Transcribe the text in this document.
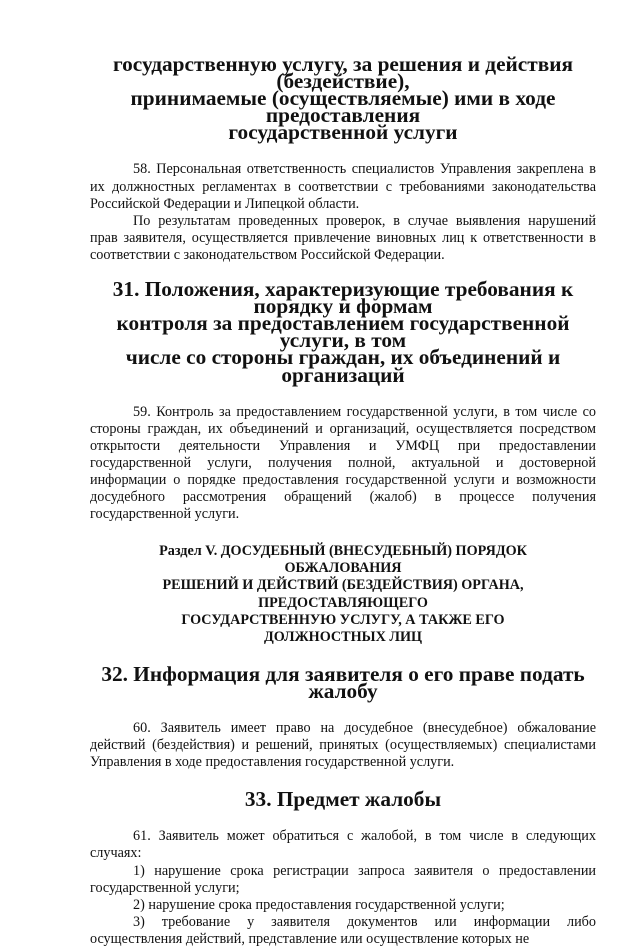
государственную услугу, за решения и действия (бездействие),
принимаемые (осуществляемые) ими в ходе предоставления
государственной услуги

58. Персональная ответственность специалистов Управления закреплена в их должностных регламентах в соответствии с требованиями законодательства Российской Федерации и Липецкой области.

По результатам проведенных проверок, в случае выявления нарушений прав заявителя, осуществляется привлечение виновных лиц к ответственности в соответствии с законодательством Российской Федерации.

31. Положения, характеризующие требования к порядку и формам
контроля за предоставлением государственной услуги, в том
числе со стороны граждан, их объединений и организаций

59. Контроль за предоставлением государственной услуги, в том числе со стороны граждан, их объединений и организаций, осуществляется посредством открытости деятельности Управления и УМФЦ при предоставлении государственной услуги, получения полной, актуальной и достоверной информации о порядке предоставления государственной услуги и возможности досудебного рассмотрения обращений (жалоб) в процессе получения государственной услуги.

Раздел V. ДОСУДЕБНЫЙ (ВНЕСУДЕБНЫЙ) ПОРЯДОК
ОБЖАЛОВАНИЯ
РЕШЕНИЙ И ДЕЙСТВИЙ (БЕЗДЕЙСТВИЯ) ОРГАНА,
ПРЕДОСТАВЛЯЮЩЕГО
ГОСУДАРСТВЕННУЮ УСЛУГУ, А ТАКЖЕ ЕГО
ДОЛЖНОСТНЫХ ЛИЦ
32. Информация для заявителя о его праве подать жалобу

60. Заявитель имеет право на досудебное (внесудебное) обжалование действий (бездействия) и решений, принятых (осуществляемых) специалистами Управления в ходе предоставления государственной услуги.

33. Предмет жалобы

61. Заявитель может обратиться с жалобой, в том числе в следующих случаях:

1) нарушение срока регистрации запроса заявителя о предоставлении государственной услуги;

2) нарушение срока предоставления государственной услуги;

3) требование у заявителя документов или информации либо осуществления действий, представление или осуществление которых не
